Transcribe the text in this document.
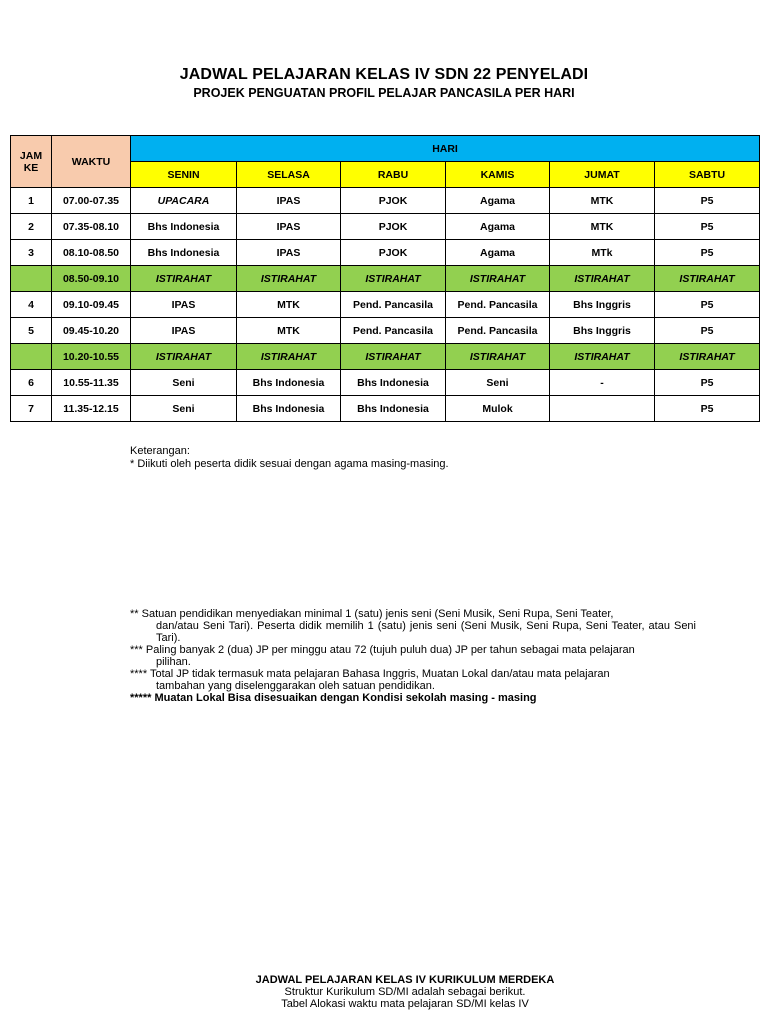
JADWAL PELAJARAN KELAS IV SDN 22 PENYELADI
PROJEK PENGUATAN PROFIL PELAJAR PANCASILA PER HARI
JAM
KE	WAKTU	HARI					
		SENIN	SELASA	RABU	KAMIS	JUMAT	SABTU
1	07.00-07.35	UPACARA	IPAS	PJOK	Agama	MTK	P5
2	07.35-08.10	Bhs Indonesia	IPAS	PJOK	Agama	MTK	P5
3	08.10-08.50	Bhs Indonesia	IPAS	PJOK	Agama	MTk	P5
	08.50-09.10	ISTIRAHAT	ISTIRAHAT	ISTIRAHAT	ISTIRAHAT	ISTIRAHAT	ISTIRAHAT
4	09.10-09.45	IPAS	MTK	Pend. Pancasila	Pend. Pancasila	Bhs Inggris	P5
5	09.45-10.20	IPAS	MTK	Pend. Pancasila	Pend. Pancasila	Bhs Inggris	P5
	10.20-10.55	ISTIRAHAT	ISTIRAHAT	ISTIRAHAT	ISTIRAHAT	ISTIRAHAT	ISTIRAHAT
6	10.55-11.35	Seni	Bhs Indonesia	Bhs Indonesia	Seni	-	P5
7	11.35-12.15	Seni	Bhs Indonesia	Bhs Indonesia	Mulok		P5
Keterangan:
* Diikuti oleh peserta didik sesuai dengan agama masing-masing.
** Satuan pendidikan menyediakan minimal 1 (satu) jenis seni (Seni Musik, Seni Rupa, Seni Teater,
dan/atau Seni Tari). Peserta didik memilih 1 (satu) jenis seni (Seni Musik, Seni Rupa, Seni Teater, atau Seni Tari).
*** Paling banyak 2 (dua) JP per minggu atau 72 (tujuh puluh dua) JP per tahun sebagai mata pelajaran
pilihan.
**** Total JP tidak termasuk mata pelajaran Bahasa Inggris, Muatan Lokal dan/atau mata pelajaran
tambahan yang diselenggarakan oleh satuan pendidikan.
***** Muatan Lokal Bisa disesuaikan dengan Kondisi sekolah masing - masing
JADWAL PELAJARAN KELAS IV KURIKULUM MERDEKA
Struktur Kurikulum SD/MI adalah sebagai berikut.
Tabel Alokasi waktu mata pelajaran SD/MI kelas IV
